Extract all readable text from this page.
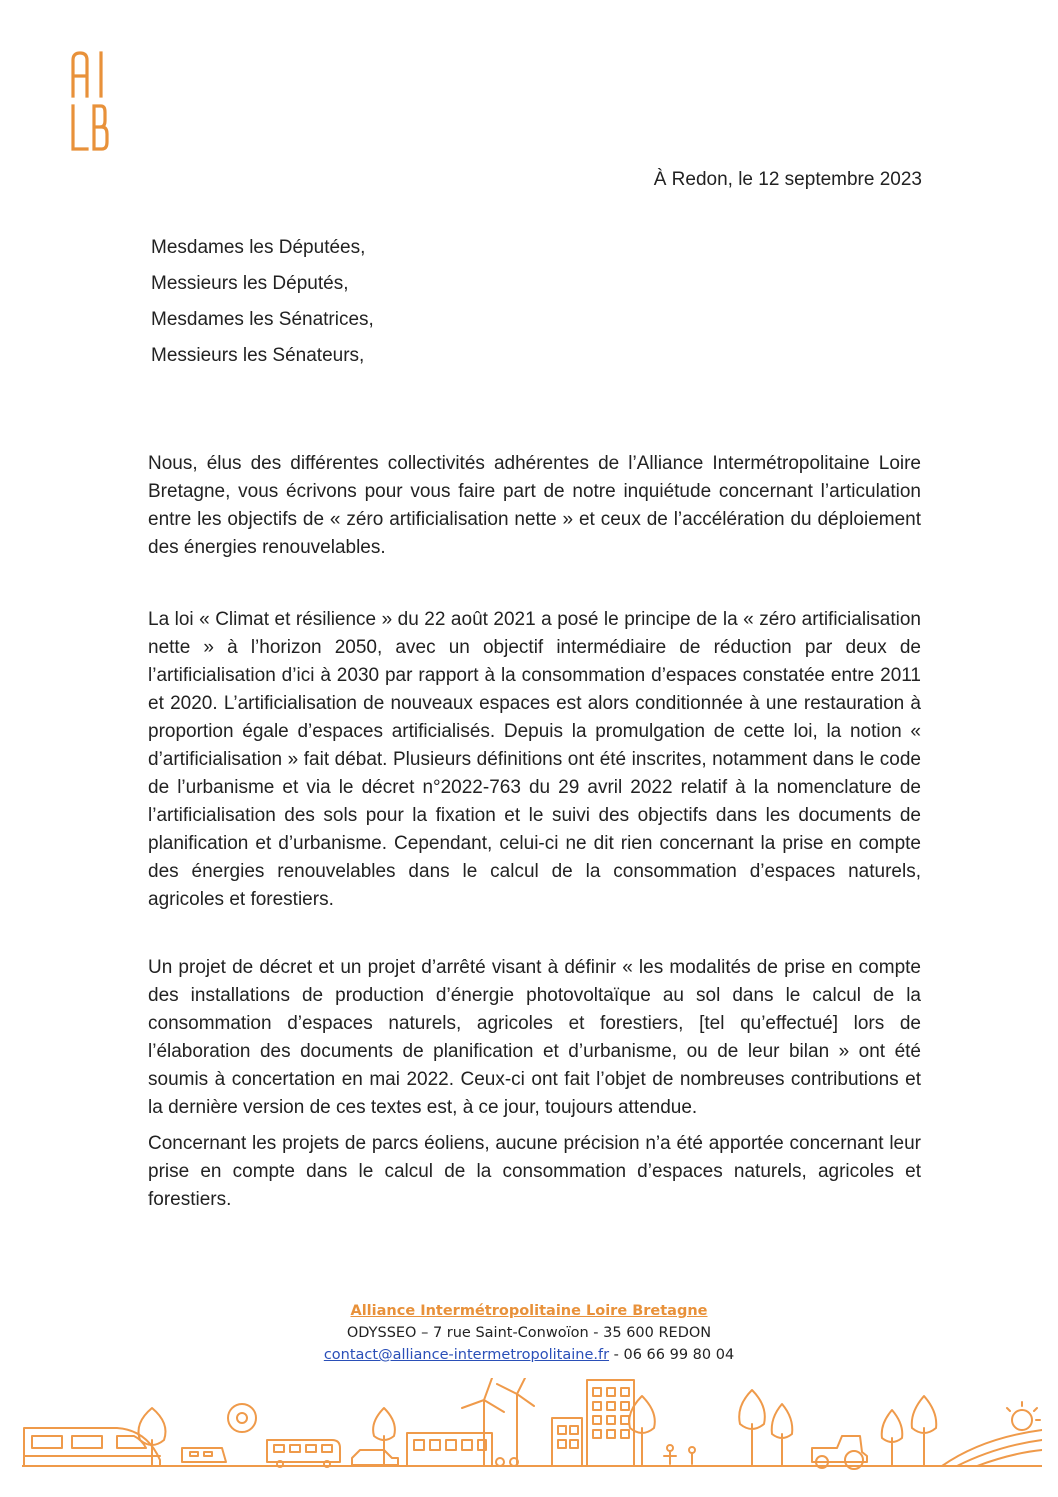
AI LB
À Redon, le 12 septembre 2023
Mesdames les Députées,
Messieurs les Députés,
Mesdames les Sénatrices,
Messieurs les Sénateurs,

Nous, élus des différentes collectivités adhérentes de l’Alliance Intermétropolitaine Loire Bretagne, vous écrivons pour vous faire part de notre inquiétude concernant l’articulation entre les objectifs de « zéro artificialisation nette » et ceux de l’accélération du déploiement des énergies renouvelables.

La loi « Climat et résilience » du 22 août 2021 a posé le principe de la « zéro artificialisation nette » à l’horizon 2050, avec un objectif intermédiaire de réduction par deux de l’artificialisation d’ici à 2030 par rapport à la consommation d’espaces constatée entre 2011 et 2020. L’artificialisation de nouveaux espaces est alors conditionnée à une restauration à proportion égale d’espaces artificialisés. Depuis la promulgation de cette loi, la notion « d’artificialisation » fait débat. Plusieurs définitions ont été inscrites, notamment dans le code de l’urbanisme et via le décret n°2022-763 du 29 avril 2022 relatif à la nomenclature de l’artificialisation des sols pour la fixation et le suivi des objectifs dans les documents de planification et d’urbanisme. Cependant, celui-ci ne dit rien concernant la prise en compte des énergies renouvelables dans le calcul de la consommation d’espaces naturels, agricoles et forestiers.

Un projet de décret et un projet d’arrêté visant à définir « les modalités de prise en compte des installations de production d’énergie photovoltaïque au sol dans le calcul de la consommation d’espaces naturels, agricoles et forestiers, [tel qu’effectué] lors de l’élaboration des documents de planification et d’urbanisme, ou de leur bilan » ont été soumis à concertation en mai 2022. Ceux-ci ont fait l’objet de nombreuses contributions et la dernière version de ces textes est, à ce jour, toujours attendue.

Concernant les projets de parcs éoliens, aucune précision n’a été apportée concernant leur prise en compte dans le calcul de la consommation d’espaces naturels, agricoles et forestiers.

Alliance Intermétropolitaine Loire Bretagne
ODYSSEO – 7 rue Saint-Conwoïon - 35 600 REDON
contact@alliance-intermetropolitaine.fr - 06 66 99 80 04
